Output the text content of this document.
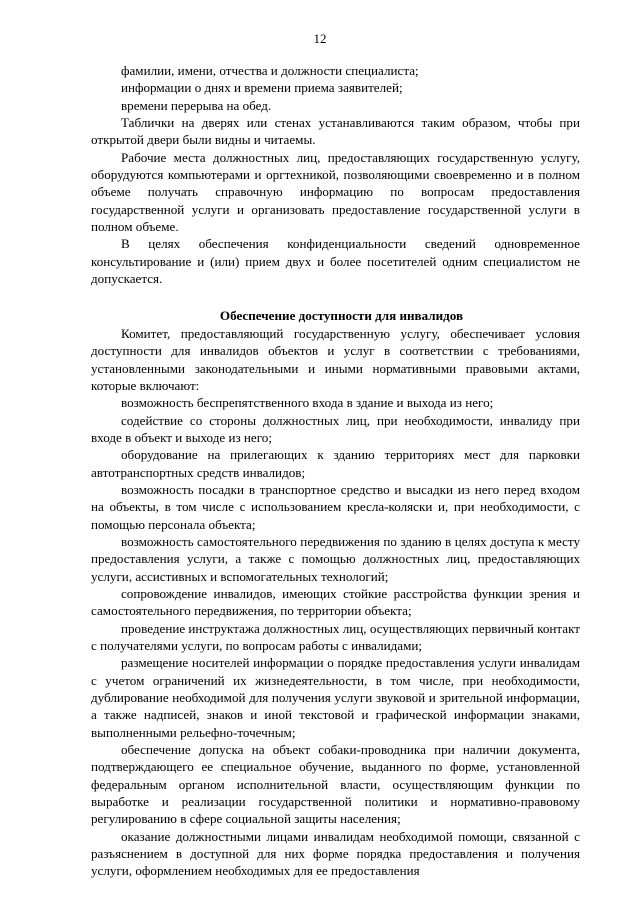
12

фамилии, имени, отчества и должности специалиста;

информации о днях и времени приема заявителей;

времени перерыва на обед.

Таблички на дверях или стенах устанавливаются таким образом, чтобы при открытой двери были видны и читаемы.

Рабочие места должностных лиц, предоставляющих государственную услугу, оборудуются компьютерами и оргтехникой, позволяющими своевременно и в полном объеме получать справочную информацию по вопросам предоставления государственной услуги и организовать предоставление государственной услуги в полном объеме.

В целях обеспечения конфиденциальности сведений одновременное консультирование и (или) прием двух и более посетителей одним специалистом не допускается.

Обеспечение доступности для инвалидов

Комитет, предоставляющий государственную услугу, обеспечивает условия доступности для инвалидов объектов и услуг в соответствии с требованиями, установленными законодательными и иными нормативными правовыми актами, которые включают:

возможность беспрепятственного входа в здание и выхода из него;

содействие со стороны должностных лиц, при необходимости, инвалиду при входе в объект и выходе из него;

оборудование на прилегающих к зданию территориях мест для парковки автотранспортных средств инвалидов;

возможность посадки в транспортное средство и высадки из него перед входом на объекты, в том числе с использованием кресла-коляски и, при необходимости, с помощью персонала объекта;

возможность самостоятельного передвижения по зданию в целях доступа к месту предоставления услуги, а также с помощью должностных лиц, предоставляющих услуги, ассистивных и вспомогательных технологий;

сопровождение инвалидов, имеющих стойкие расстройства функции зрения и самостоятельного передвижения, по территории объекта;

проведение инструктажа должностных лиц, осуществляющих первичный контакт с получателями услуги, по вопросам работы с инвалидами;

размещение носителей информации о порядке предоставления услуги инвалидам с учетом ограничений их жизнедеятельности, в том числе, при необходимости, дублирование необходимой для получения услуги звуковой и зрительной информации, а также надписей, знаков и иной текстовой и графической информации знаками, выполненными рельефно-точечным;

обеспечение допуска на объект собаки-проводника при наличии документа, подтверждающего ее специальное обучение, выданного по форме, установленной федеральным органом исполнительной власти, осуществляющим функции по выработке и реализации государственной политики и нормативно-правовому регулированию в сфере социальной защиты населения;

оказание должностными лицами инвалидам необходимой помощи, связанной с разъяснением в доступной для них форме порядка предоставления и получения услуги, оформлением необходимых для ее предоставления
